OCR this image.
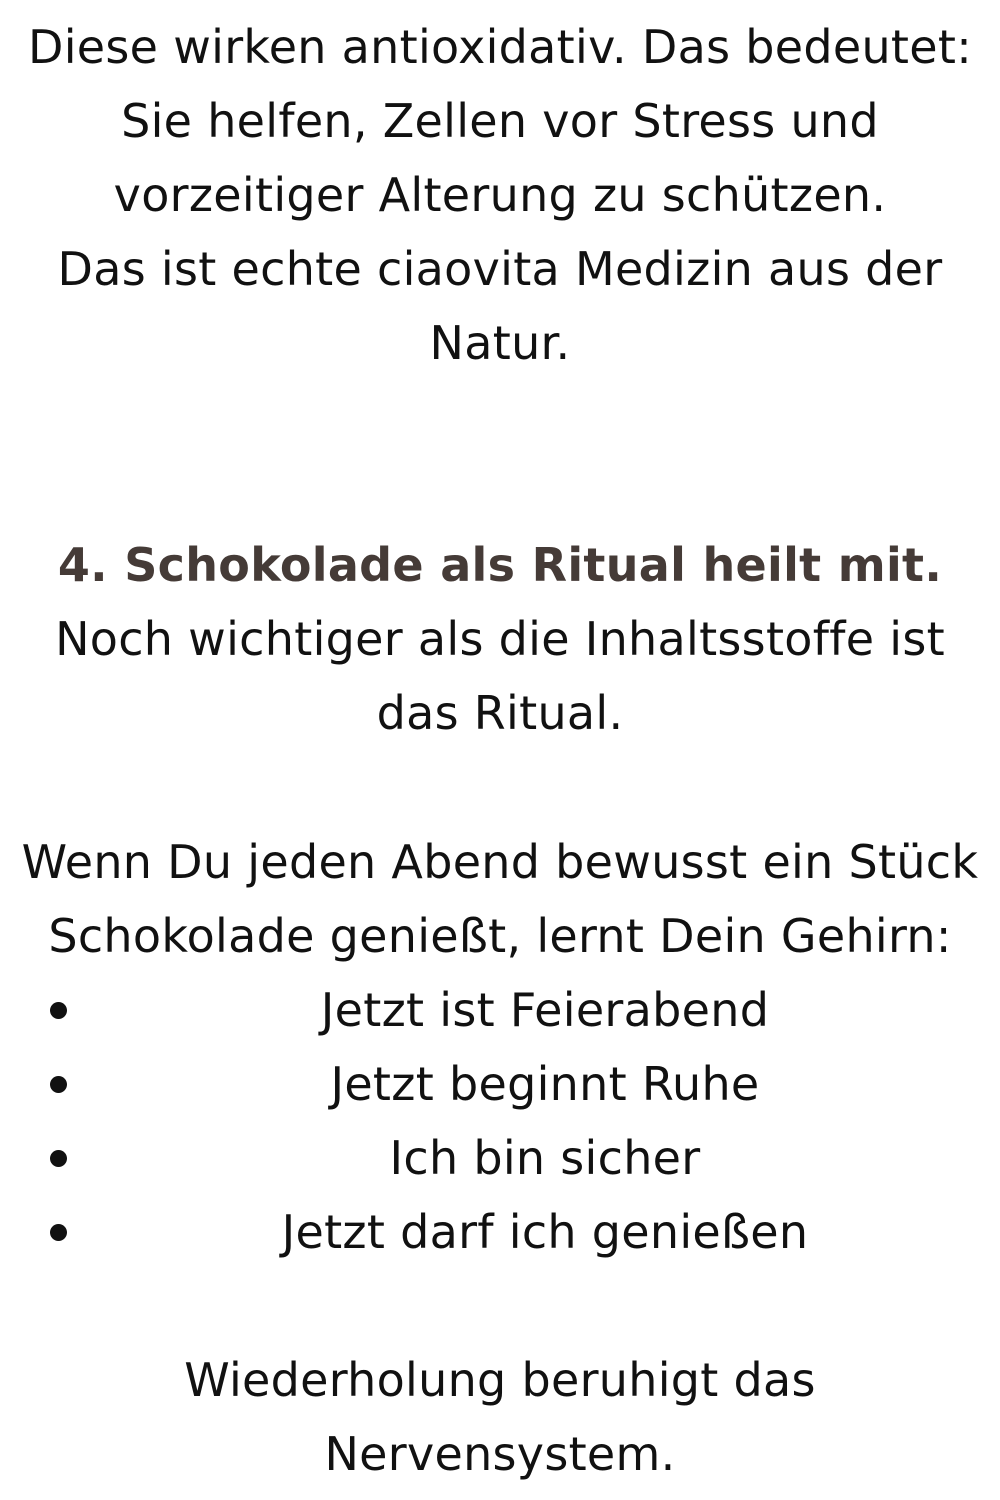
Diese wirken antioxidativ. Das bedeutet:
Sie helfen, Zellen vor Stress und
vorzeitiger Alterung zu schützen.
Das ist echte ciaovita Medizin aus der
Natur.

4. Schokolade als Ritual heilt mit.
Noch wichtiger als die Inhaltsstoffe ist
das Ritual.

Wenn Du jeden Abend bewusst ein Stück
Schokolade genießt, lernt Dein Gehirn:

Jetzt ist Feierabend
Jetzt beginnt Ruhe
Ich bin sicher
Jetzt darf ich genießen

Wiederholung beruhigt das
Nervensystem.
